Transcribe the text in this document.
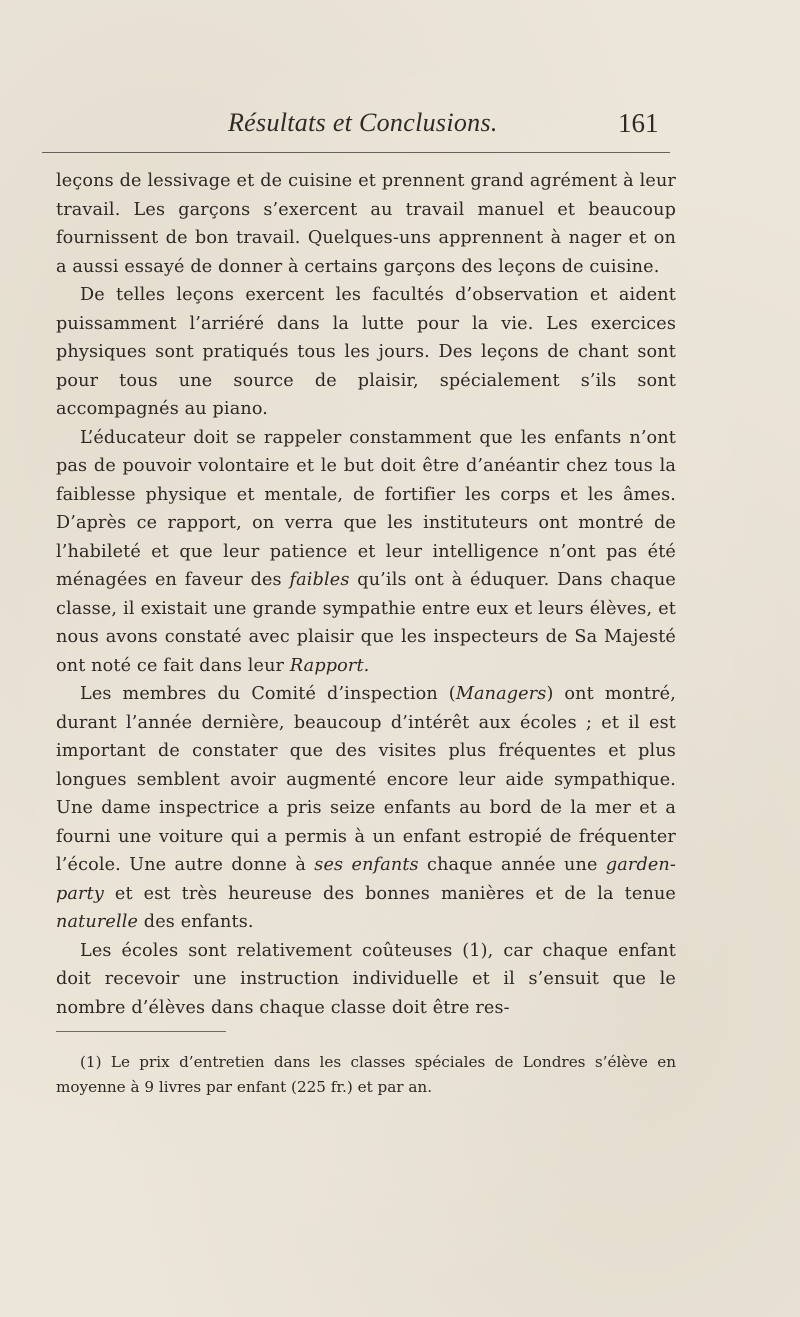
Résultats et Conclusions.	161

leçons de lessivage et de cuisine et prennent grand agrément à leur travail. Les garçons s’exercent au travail manuel et beaucoup fournissent de bon travail. Quelques-uns apprennent à nager et on a aussi essayé de donner à certains garçons des leçons de cuisine.

De telles leçons exercent les facultés d’observation et aident puissamment l’arriéré dans la lutte pour la vie. Les exercices physiques sont pratiqués tous les jours. Des leçons de chant sont pour tous une source de plaisir, spécialement s’ils sont accompagnés au piano.

L’éducateur doit se rappeler constamment que les enfants n’ont pas de pouvoir volontaire et le but doit être d’anéantir chez tous la faiblesse physique et mentale, de fortifier les corps et les âmes. D’après ce rapport, on verra que les instituteurs ont montré de l’habileté et que leur patience et leur intelligence n’ont pas été ménagées en faveur des faibles qu’ils ont à éduquer. Dans chaque classe, il existait une grande sympathie entre eux et leurs élèves, et nous avons constaté avec plaisir que les inspecteurs de Sa Majesté ont noté ce fait dans leur Rapport.

Les membres du Comité d’inspection (Managers) ont montré, durant l’année dernière, beaucoup d’intérêt aux écoles ; et il est important de constater que des visites plus fréquentes et plus longues semblent avoir augmenté encore leur aide sympathique. Une dame inspectrice a pris seize enfants au bord de la mer et a fourni une voiture qui a permis à un enfant estropié de fréquenter l’école. Une autre donne à ses enfants chaque année une garden-party et est très heureuse des bonnes manières et de la tenue naturelle des enfants.

Les écoles sont relativement coûteuses (1), car chaque enfant doit recevoir une instruction individuelle et il s’ensuit que le nombre d’élèves dans chaque classe doit être res-

(1) Le prix d’entretien dans les classes spéciales de Londres s’élève en moyenne à 9 livres par enfant (225 fr.) et par an.
